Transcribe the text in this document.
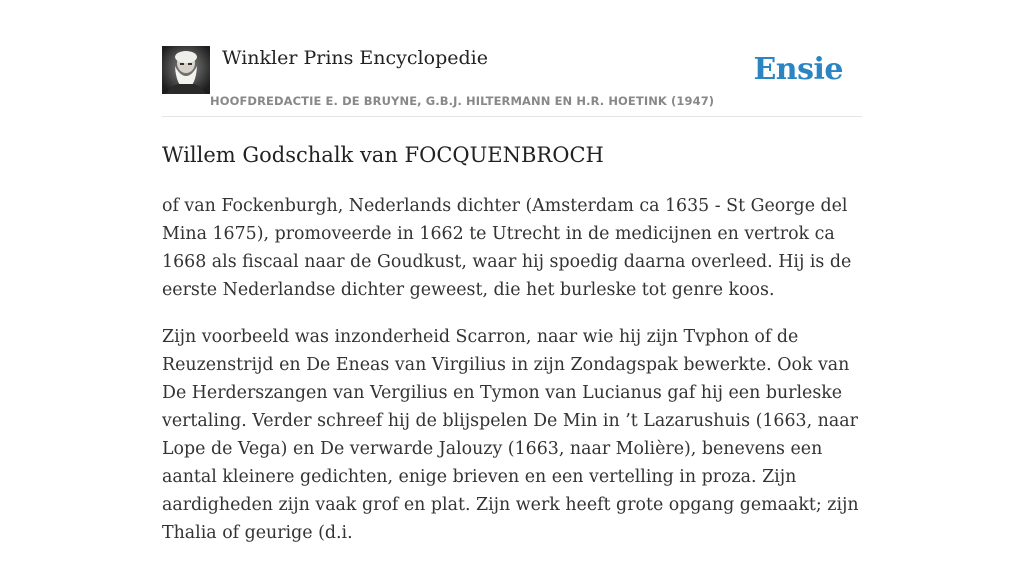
Winkler Prins Encyclopedie
HOOFDREDACTIE E. DE BRUYNE, G.B.J. HILTERMANN EN H.R. HOETINK (1947)
Ensie
Willem Godschalk van FOCQUENBROCH

of van Fockenburgh, Nederlands dichter (Amsterdam ca 1635 - St George del Mina 1675), promoveerde in 1662 te Utrecht in de medicijnen en vertrok ca 1668 als fiscaal naar de Goudkust, waar hij spoedig daarna overleed. Hij is de eerste Nederlandse dichter geweest, die het burleske tot genre koos.

Zijn voorbeeld was inzonderheid Scarron, naar wie hij zijn Tvphon of de Reuzenstrijd en De Eneas van Virgilius in zijn Zondagspak bewerkte. Ook van De Herderszangen van Vergilius en Tymon van Lucianus gaf hij een burleske vertaling. Verder schreef hij de blijspelen De Min in ’t Lazarushuis (1663, naar Lope de Vega) en De verwarde Jalouzy (1663, naar Molière), benevens een aantal kleinere gedichten, enige brieven en een vertelling in proza. Zijn aardigheden zijn vaak grof en plat. Zijn werk heeft grote opgang gemaakt; zijn Thalia of geurige (d.i.
